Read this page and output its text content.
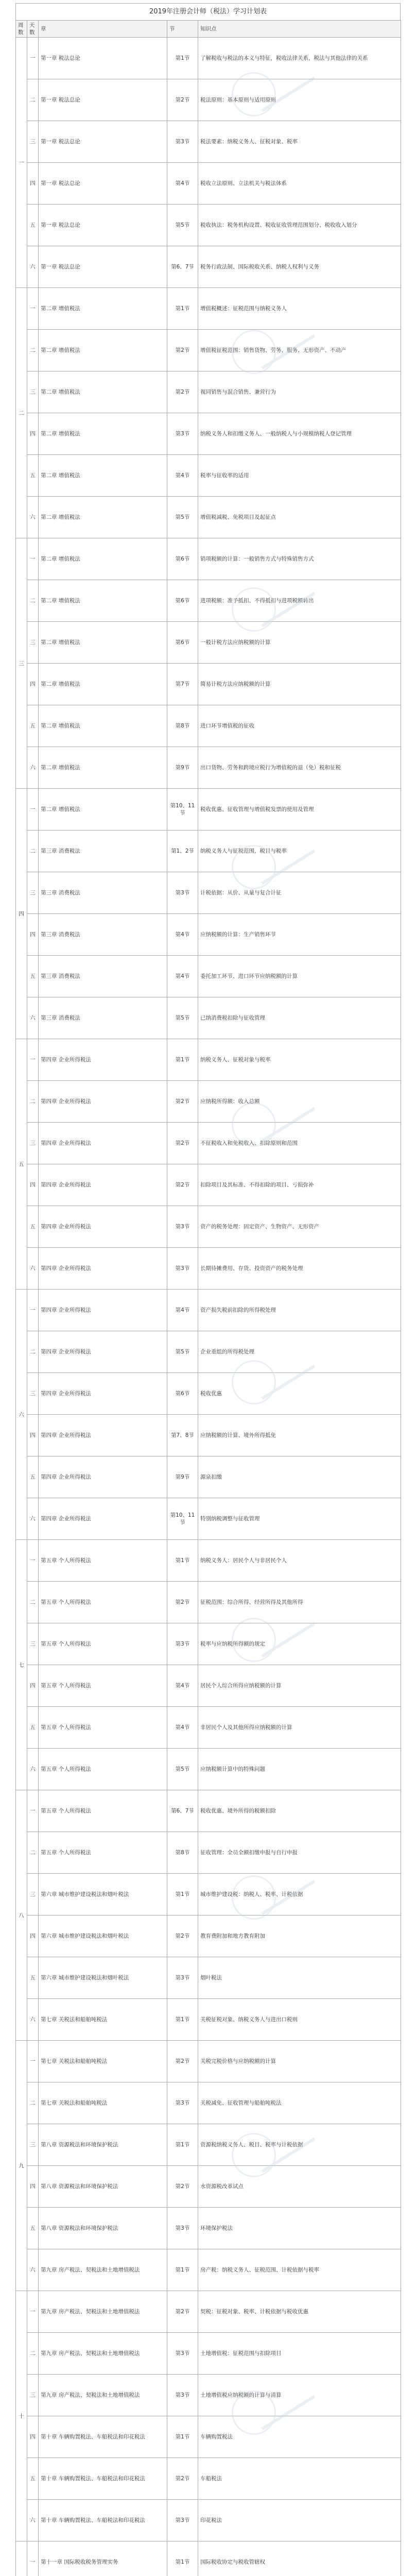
2019年注册会计师（税法）学习计划表
周数	天数	章	节	知识点
一	一	第一章 税法总论	第1节	了解税收与税法的本义与特征，税收法律关系，税法与其他法律的关系
	二	第一章 税法总论	第2节	税法原则：基本原则与适用原则
	三	第一章 税法总论	第3节	税法要素：纳税义务人、征税对象、税率
	四	第一章 税法总论	第4节	税收立法原则、立法机关与税法体系
	五	第一章 税法总论	第5节	税收执法：税务机构设置、税收征收管理范围划分、税收收入划分
	六	第一章 税法总论	第6、7节	税务行政法制、国际税收关系、纳税人权利与义务
二	一	第二章 增值税法	第1节	增值税概述：征税范围与纳税义务人
	二	第二章 增值税法	第2节	增值税征税范围：销售货物、劳务、服务、无形资产、不动产
	三	第二章 增值税法	第2节	视同销售与混合销售、兼营行为
	四	第二章 增值税法	第3节	纳税义务人和扣缴义务人、一般纳税人与小规模纳税人登记管理
	五	第二章 增值税法	第4节	税率与征收率的适用
	六	第二章 增值税法	第5节	增值税减税、免税项目及起征点
三	一	第二章 增值税法	第6节	销项税额的计算：一般销售方式与特殊销售方式
	二	第二章 增值税法	第6节	进项税额：准予抵扣、不得抵扣与进项税额转出
	三	第二章 增值税法	第6节	一般计税方法应纳税额的计算
	四	第二章 增值税法	第7节	简易计税方法应纳税额的计算
	五	第二章 增值税法	第8节	进口环节增值税的征收
	六	第二章 增值税法	第9节	出口货物、劳务和跨境应税行为增值税的退（免）税和征税
四	一	第二章 增值税法	第10、11节	税收优惠、征收管理与增值税发票的使用及管理
	二	第三章 消费税法	第1、2节	纳税义务人与征税范围，税目与税率
	三	第三章 消费税法	第3节	计税依据：从价、从量与复合计征
	四	第三章 消费税法	第4节	应纳税额的计算：生产销售环节
	五	第三章 消费税法	第4节	委托加工环节、进口环节应纳税额的计算
	六	第三章 消费税法	第5节	已纳消费税扣除与征收管理
五	一	第四章 企业所得税法	第1节	纳税义务人、征税对象与税率
	二	第四章 企业所得税法	第2节	应纳税所得额：收入总额
	三	第四章 企业所得税法	第2节	不征税收入和免税收入、扣除原则和范围
	四	第四章 企业所得税法	第2节	扣除项目及其标准、不得扣除的项目、亏损弥补
	五	第四章 企业所得税法	第3节	资产的税务处理：固定资产、生物资产、无形资产
	六	第四章 企业所得税法	第3节	长期待摊费用、存货、投资资产的税务处理
六	一	第四章 企业所得税法	第4节	资产损失税前扣除的所得税处理
	二	第四章 企业所得税法	第5节	企业重组的所得税处理
	三	第四章 企业所得税法	第6节	税收优惠
	四	第四章 企业所得税法	第7、8节	应纳税额的计算、境外所得抵免
	五	第四章 企业所得税法	第9节	源泉扣缴
	六	第四章 企业所得税法	第10、11节	特别纳税调整与征收管理
七	一	第五章 个人所得税法	第1节	纳税义务人：居民个人与非居民个人
	二	第五章 个人所得税法	第2节	征税范围：综合所得、经营所得及其他所得
	三	第五章 个人所得税法	第3节	税率与应纳税所得额的规定
	四	第五章 个人所得税法	第4节	居民个人综合所得应纳税额的计算
	五	第五章 个人所得税法	第4节	非居民个人及其他所得应纳税额的计算
	六	第五章 个人所得税法	第5节	应纳税额计算中的特殊问题
八	一	第五章 个人所得税法	第6、7节	税收优惠、境外所得的税额扣除
	二	第五章 个人所得税法	第8节	征收管理：全员全额扣缴申报与自行申报
	三	第六章 城市维护建设税法和烟叶税法	第1节	城市维护建设税：纳税人、税率、计税依据
	四	第六章 城市维护建设税法和烟叶税法	第2节	教育费附加和地方教育附加
	五	第六章 城市维护建设税法和烟叶税法	第3节	烟叶税法
	六	第七章 关税法和船舶吨税法	第1节	关税征税对象、纳税义务人与进出口税则
九	一	第七章 关税法和船舶吨税法	第2节	关税完税价格与应纳税额的计算
	二	第七章 关税法和船舶吨税法	第3节	关税减免、征收管理与船舶吨税法
	三	第八章 资源税法和环境保护税法	第1节	资源税纳税义务人、税目、税率与计税依据
	四	第八章 资源税法和环境保护税法	第2节	水资源税改革试点
	五	第八章 资源税法和环境保护税法	第3节	环境保护税法
	六	第九章 房产税法、契税法和土地增值税法	第1节	房产税：纳税义务人、征税范围、计税依据与税率
十	一	第九章 房产税法、契税法和土地增值税法	第2节	契税：征税对象、税率、计税依据与税收优惠
	二	第九章 房产税法、契税法和土地增值税法	第3节	土地增值税：征税范围与扣除项目
	三	第九章 房产税法、契税法和土地增值税法	第3节	土地增值税应纳税额的计算与清算
	四	第十章 车辆购置税法、车船税法和印花税法	第1节	车辆购置税法
	五	第十章 车辆购置税法、车船税法和印花税法	第2节	车船税法
	六	第十章 车辆购置税法、车船税法和印花税法	第3节	印花税法
	一	第十一章 国际税收税务管理实务	第1节	国际税收协定与税收管辖权
